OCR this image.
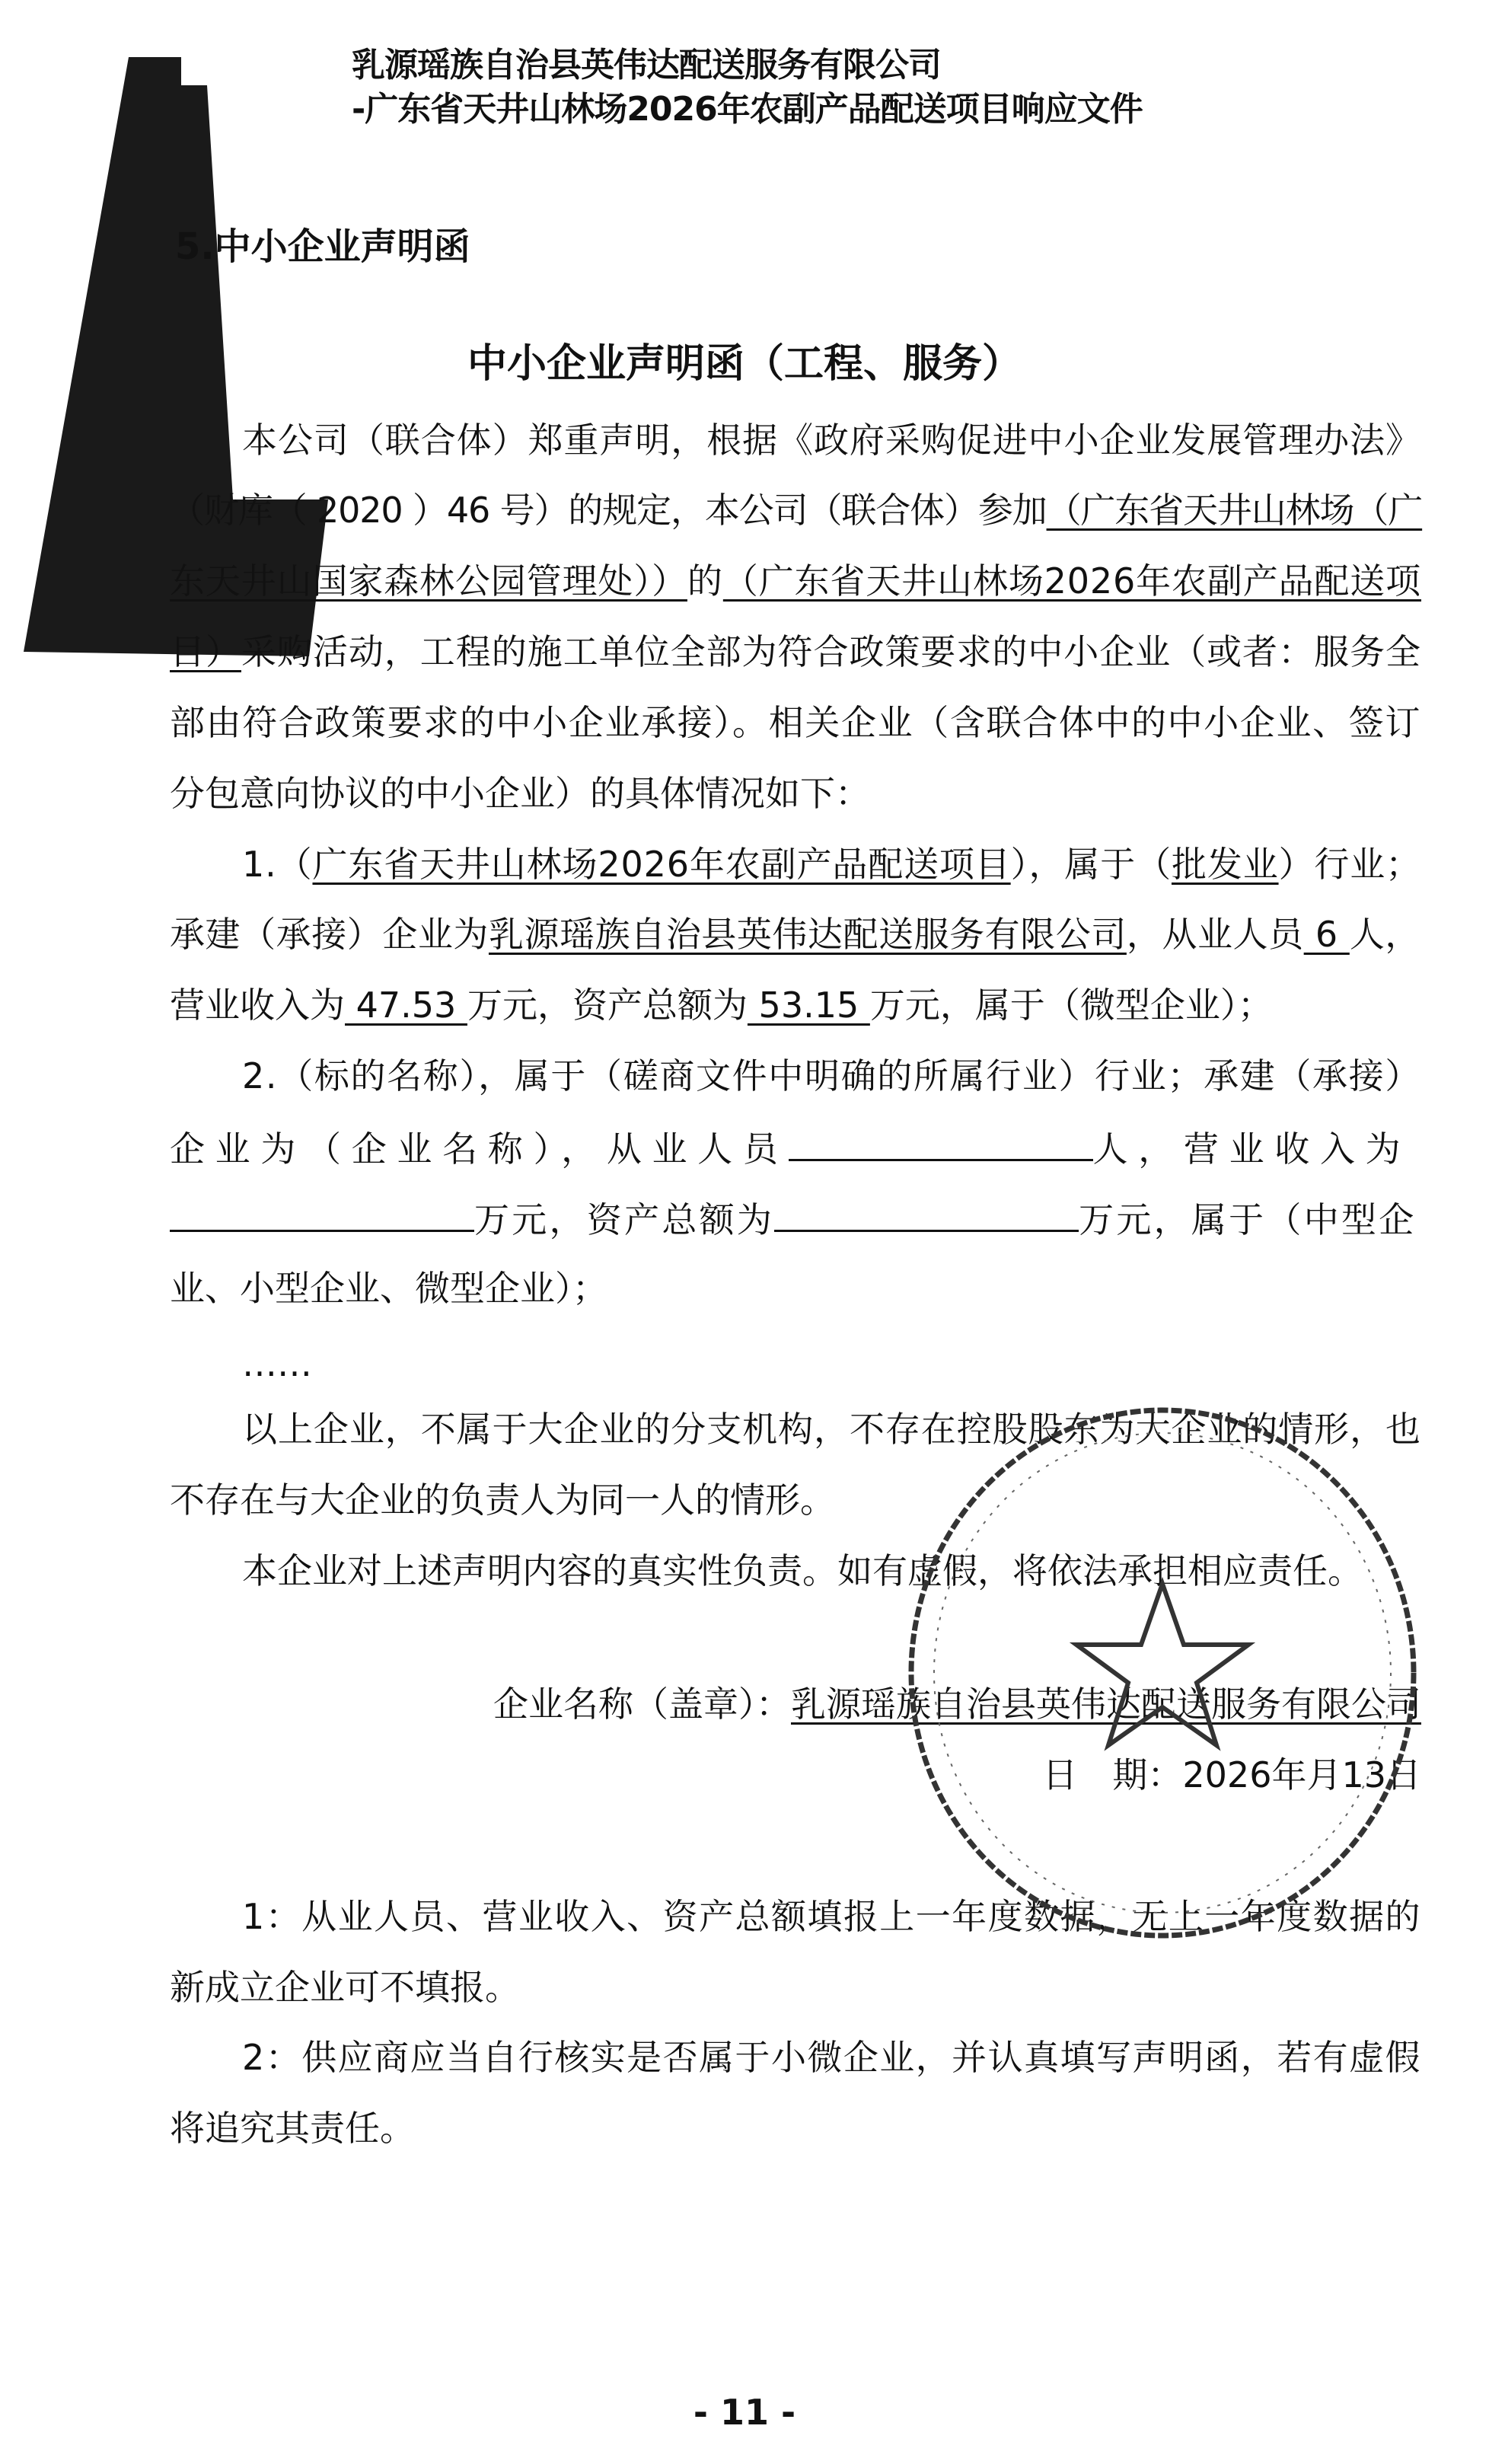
乳源瑶族自治县英伟达配送服务有限公司
-广东省天井山林场2026年农副产品配送项目响应文件
5.中小企业声明函
中小企业声明函（工程、服务）
本公司（联合体）郑重声明，根据《政府采购促进中小企业发展管理办法》
（财库（ 2020 ）46 号）的规定，本公司（联合体）参加（广东省天井山林场（广
东天井山国家森林公园管理处））的（广东省天井山林场2026年农副产品配送项
目）采购活动，工程的施工单位全部为符合政策要求的中小企业（或者：服务全
部由符合政策要求的中小企业承接）。相关企业（含联合体中的中小企业、签订
分包意向协议的中小企业）的具体情况如下：
1.（广东省天井山林场2026年农副产品配送项目），属于（批发业）行业；
承建（承接）企业为乳源瑶族自治县英伟达配送服务有限公司，从业人员 6 人，
营业收入为 47.53 万元，资产总额为 53.15 万元，属于（微型企业）；
2.（标的名称），属于（磋商文件中明确的所属行业）行业；承建（承接）
企业为（企业名称），从业人员	人，营业收入为
万元，资产总额为	万元，属于（中型企
业、小型企业、微型企业）；
……
以上企业，不属于大企业的分支机构，不存在控股股东为大企业的情形，也
不存在与大企业的负责人为同一人的情形。
本企业对上述声明内容的真实性负责。如有虚假，将依法承担相应责任。
企业名称（盖章）：乳源瑶族自治县英伟达配送服务有限公司
日　期：2026年月13日
1：从业人员、营业收入、资产总额填报上一年度数据，无上一年度数据的
新成立企业可不填报。
2：供应商应当自行核实是否属于小微企业，并认真填写声明函，若有虚假
将追究其责任。
- 11 -
